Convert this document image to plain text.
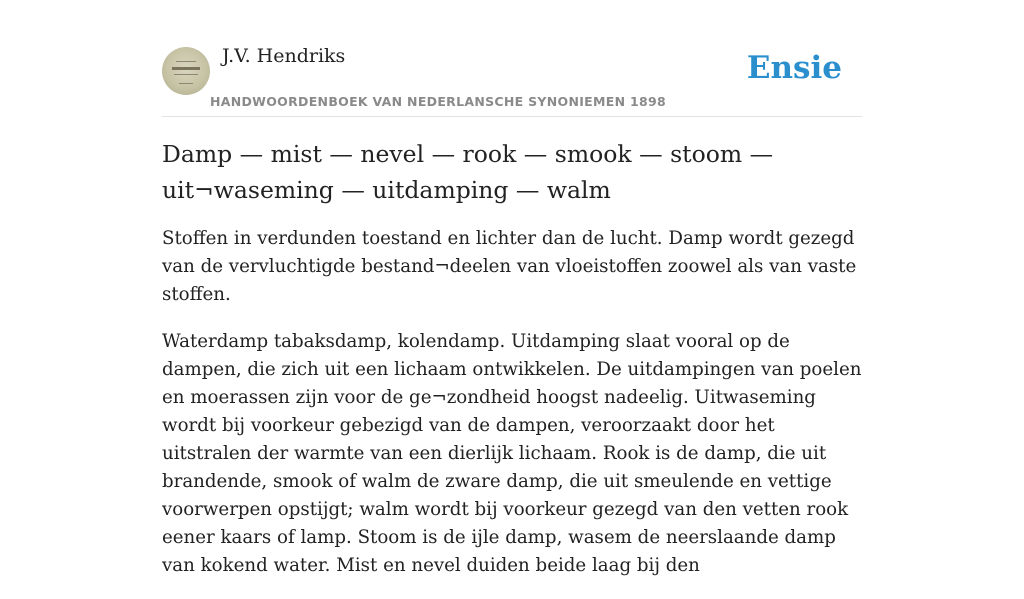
J.V. Hendriks
HANDWOORDENBOEK VAN NEDERLANSCHE SYNONIEMEN 1898
Ensie
Damp — mist — nevel — rook — smook — stoom — uit¬waseming — uitdamping — walm

Stoffen in verdunden toestand en lichter dan de lucht. Damp wordt gezegd van de vervluchtigde bestand¬deelen van vloeistoffen zoowel als van vaste stoffen.

Waterdamp tabaksdamp, kolendamp. Uitdamping slaat vooral op de dampen, die zich uit een lichaam ontwikkelen. De uitdampingen van poelen en moerassen zijn voor de ge¬zondheid hoogst nadeelig. Uitwaseming wordt bij voorkeur gebezigd van de dampen, veroorzaakt door het uitstralen der warmte van een dierlijk lichaam. Rook is de damp, die uit brandende, smook of walm de zware damp, die uit smeulende en vettige voorwerpen opstijgt; walm wordt bij voorkeur gezegd van den vetten rook eener kaars of lamp. Stoom is de ijle damp, wasem de neerslaande damp van kokend water. Mist en nevel duiden beide laag bij den
